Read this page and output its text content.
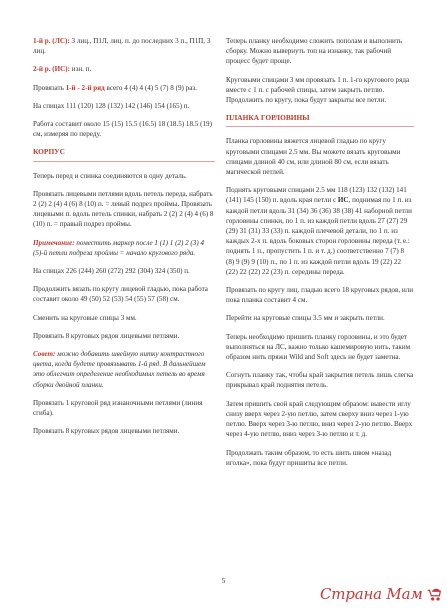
1-й р. (ЛС): 3 лиц., П1Л, лиц. п. до последних 3 п., П1П, 3 лиц.

2-й р. (ИС): изн. п.

Провязать 1-й - 2-й ряд всего 4 (4) 4 (4) 5 (7) 8 (9) раз.

На спицах 111 (120) 128 (132) 142 (146) 154 (165) п.

Работа составит около 15 (15) 15.5 (16.5) 18 (18.5) 18.5 (19) см, измеряя по переду.

КОРПУС

Теперь перед и спинка соединяются в одну деталь.

Провязать лицевыми петлями вдоль петель переда, набрать 2 (2) 2 (4) 4 (6) 8 (10) п. = левый подрез проймы. Провязать лицевыми п. вдоль петель спинки, набрать 2 (2) 2 (4) 4 (6) 8 (10) п. = правый подрез проймы.

Примечание: поместить маркер после 1 (1) 1 (2) 2 (3) 4 (5)-й петли подреза проймы = начало кругового ряда.

На спицах 226 (244) 260 (272) 292 (304) 324 (350) п.

Продолжить вязать по кругу лицевой гладью, пока работа составит около 49 (50) 52 (53) 54 (55) 57 (58) см.

Сменить на круговые спицы 3 мм.

Провязать 8 круговых рядов лицевыми петлями.

Совет: можно добавить швейную нитку контрастного цвета, когда будете провязывать 1-й ряд. В дальнейшем это облегчит определение необходимых петель во время сборки двойной планки.

Провязать 1 круговой ряд изнаночными петлями (линия сгиба).

Провязать 8 круговых рядов лицевыми петлями.

Теперь планку необходимо сложить пополам и выполнить сборку. Можно вывернуть топ на изнанку, так рабочий процесс будет проще.

Круговыми спицами 3 мм провязать 1 п. 1-го кругового ряда вместе с 1 п. с рабочей спицы, затем закрыть петлю. Продолжить по кругу, пока будут закрыты все петли.

ПЛАНКА ГОРЛОВИНЫ

Планка горловины вяжется лицевой гладью по кругу круговыми спицами 2.5 мм. Вы можете вязать круговыми спицами длиной 40 см, или длиной 80 см, если вязать магической петлей.

Поднять круговыми спицами 2.5 мм 118 (123) 132 (132) 141 (141) 145 (150) п. вдоль края петли с ИС, поднимая по 1 п. из каждой петли вдоль 31 (34) 36 (36) 38 (38) 41 наборной петли горловины спинки, по 1 п. из каждой петли вдоль 27 (27) 29 (29) 31 (31) 33 (33) п. каждой плечевой детали, по 1 п. из каждых 2-х п. вдоль боковых сторон горловины переда (т. е.: поднять 1 п., пропустить 1 п. и т. д.) соответственно 7 (7) 8 (8) 9 (9) 9 (10) п., по 1 п. из каждой петли вдоль 19 (22) 22 (22) 22 (22) 22 (23) п. середины переда.

Провязать по кругу лиц. гладью всего 18 круговых рядов, или пока планка составит 4 см.

Перейти на круговые спицы 3.5 мм и закрыть петли.

Теперь необходимо пришить планку горловины, и это будет выполняться на ЛС, важно только кашемировую нить, таким образом нить пряжи Wild and Soft здесь не будет заметна.

Согнуть планку так, чтобы край закрытия петель лишь слегка прикрывал край поднятия петель.

Затем пришить свой край следующим образом: вывести иглу снизу вверх через 2-ую петлю, затем сверху вниз через 1-ую петлю. Вверх через 3-ю петлю, вниз через 2-ую петлю. Вверх через 4-ую петлю, вниз через 3-ю петлю и т. д.

Продолжать таким образом, то есть шить швом «назад иголка», пока будут пришиты все петли.

5
Страна Мам
